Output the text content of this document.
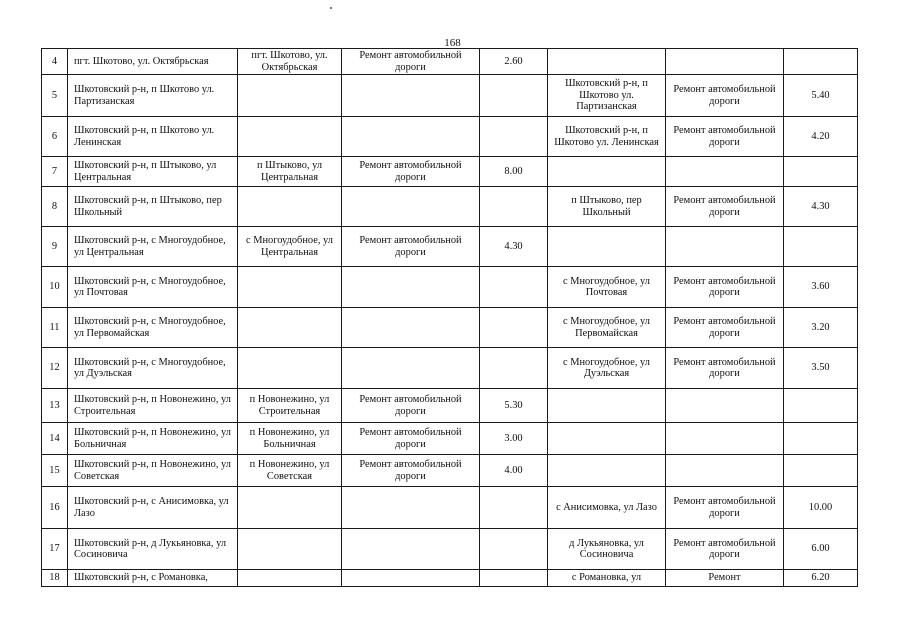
168
4	пгт. Шкотово, ул. Октябрьская	пгт. Шкотово, ул. Октябрьская	Ремонт автомобильной дороги	2.60			
5	Шкотовский р-н, п Шкотово ул. Партизанская				Шкотовский р-н, п Шкотово ул. Партизанская	Ремонт автомобильной дороги	5.40
6	Шкотовский р-н, п Шкотово ул. Ленинская				Шкотовский р-н, п Шкотово ул. Ленинская	Ремонт автомобильной дороги	4.20
7	Шкотовский р-н, п Штыково, ул Центральная	п Штыково, ул Центральная	Ремонт автомобильной дороги	8.00			
8	Шкотовский р-н, п Штыково, пер Школьный				п Штыково, пер Школьный	Ремонт автомобильной дороги	4.30
9	Шкотовский р-н, с Многоудобное, ул Центральная	с Многоудобное, ул Центральная	Ремонт автомобильной дороги	4.30			
10	Шкотовский р-н, с Многоудобное, ул Почтовая				с Многоудобное, ул Почтовая	Ремонт автомобильной дороги	3.60
11	Шкотовский р-н, с Многоудобное, ул Первомайская				с Многоудобное, ул Первомайская	Ремонт автомобильной дороги	3.20
12	Шкотовский р-н, с Многоудобное, ул Дуэльская				с Многоудобное, ул Дуэльская	Ремонт автомобильной дороги	3.50
13	Шкотовский р-н, п Новонежино, ул Строительная	п Новонежино, ул Строительная	Ремонт автомобильной дороги	5.30			
14	Шкотовский р-н, п Новонежино, ул Больничная	п Новонежино, ул Больничная	Ремонт автомобильной дороги	3.00			
15	Шкотовский р-н, п Новонежино, ул Советская	п Новонежино, ул Советская	Ремонт автомобильной дороги	4.00			
16	Шкотовский р-н, с Анисимовка, ул Лазо				с Анисимовка, ул Лазо	Ремонт автомобильной дороги	10.00
17	Шкотовский р-н, д Лукьяновка, ул Сосиновича				д Лукьяновка, ул Сосиновича	Ремонт автомобильной дороги	6.00
18	Шкотовский р-н, с Романовка,				с Романовка, ул	Ремонт	6.20
